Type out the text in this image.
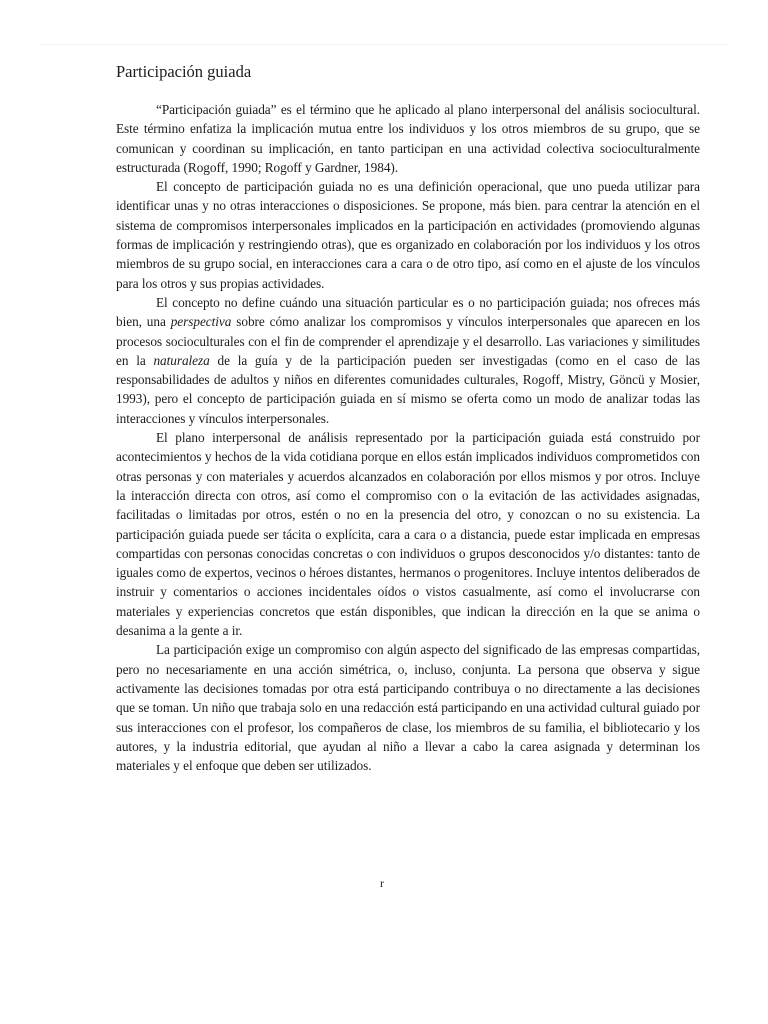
Participación guiada

“Participación guiada” es el término que he aplicado al plano interpersonal del análisis sociocultural. Este término enfatiza la implicación mutua entre los individuos y los otros miembros de su grupo, que se comunican y coordinan su implicación, en tanto participan en una actividad colectiva socioculturalmente estructurada (Rogoff, 1990; Rogoff y Gardner, 1984).

El concepto de participación guiada no es una definición operacional, que uno pueda utilizar para identificar unas y no otras interacciones o disposiciones. Se propone, más bien. para centrar la atención en el sistema de compromisos interpersonales implicados en la participación en actividades (promoviendo algunas formas de implicación y restringiendo otras), que es organizado en colaboración por los individuos y los otros miembros de su grupo social, en interacciones cara a cara o de otro tipo, así como en el ajuste de los vínculos para los otros y sus propias actividades.

El concepto no define cuándo una situación particular es o no participación guiada; nos ofreces más bien, una perspectiva sobre cómo analizar los compromisos y vínculos interpersonales que aparecen en los procesos socioculturales con el fin de comprender el aprendizaje y el desarrollo. Las variaciones y similitudes en la naturaleza de la guía y de la participación pueden ser investigadas (como en el caso de las responsabilidades de adultos y niños en diferentes comunidades culturales, Rogoff, Mistry, Göncü y Mosier, 1993), pero el concepto de participación guiada en sí mismo se oferta como un modo de analizar todas las interacciones y vínculos interpersonales.

El plano interpersonal de análisis representado por la participación guiada está construido por acontecimientos y hechos de la vida cotidiana porque en ellos están implicados individuos comprometidos con otras personas y con materiales y acuerdos alcanzados en colaboración por ellos mismos y por otros. Incluye la interacción directa con otros, así como el compromiso con o la evitación de las actividades asignadas, facilitadas o limitadas por otros, estén o no en la presencia del otro, y conozcan o no su existencia. La participación guiada puede ser tácita o explícita, cara a cara o a distancia, puede estar implicada en empresas compartidas con personas conocidas concretas o con individuos o grupos desconocidos y/o distantes: tanto de iguales como de expertos, vecinos o héroes distantes, hermanos o progenitores. Incluye intentos deliberados de instruir y comentarios o acciones incidentales oídos o vistos casualmente, así como el involucrarse con materiales y experiencias concretos que están disponibles, que indican la dirección en la que se anima o desanima a la gente a ir.

La participación exige un compromiso con algún aspecto del significado de las empresas compartidas, pero no necesariamente en una acción simétrica, o, incluso, conjunta. La persona que observa y sigue activamente las decisiones tomadas por otra está participando contribuya o no directamente a las decisiones que se toman. Un niño que trabaja solo en una redacción está participando en una actividad cultural guiado por sus interacciones con el profesor, los compañeros de clase, los miembros de su familia, el bibliotecario y los autores, y la industria editorial, que ayudan al niño a llevar a cabo la carea asignada y determinan los materiales y el enfoque que deben ser utilizados.

r
